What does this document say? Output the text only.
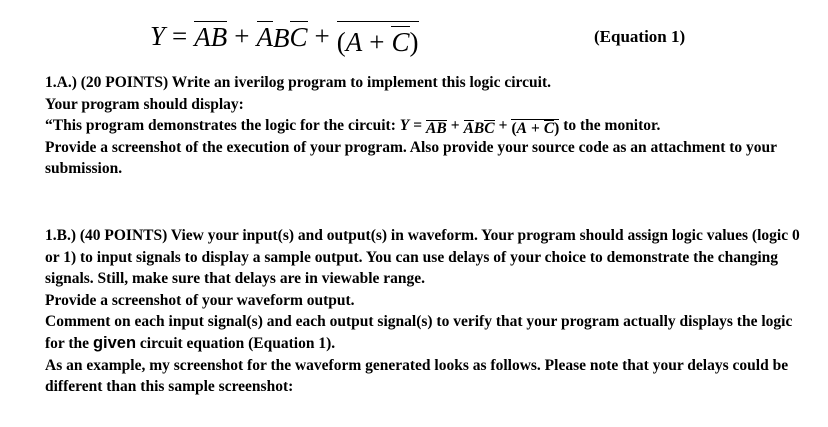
Y = AB + A B C + (A + C)	(Equation 1)

1.A.) (20 POINTS) Write an iverilog program to implement this logic circuit.

Your program should display:

“This program demonstrates the logic for the circuit: Y = AB + A B C + (A + C) to the monitor.

Provide a screenshot of the execution of your program. Also provide your source code as an attachment to your submission.

1.B.) (40 POINTS) View your input(s) and output(s) in waveform. Your program should assign logic values (logic 0 or 1) to input signals to display a sample output. You can use delays of your choice to demonstrate the changing signals. Still, make sure that delays are in viewable range.

Provide a screenshot of your waveform output.

Comment on each input signal(s) and each output signal(s) to verify that your program actually displays the logic for the given circuit equation (Equation 1).

As an example, my screenshot for the waveform generated looks as follows. Please note that your delays could be different than this sample screenshot:
